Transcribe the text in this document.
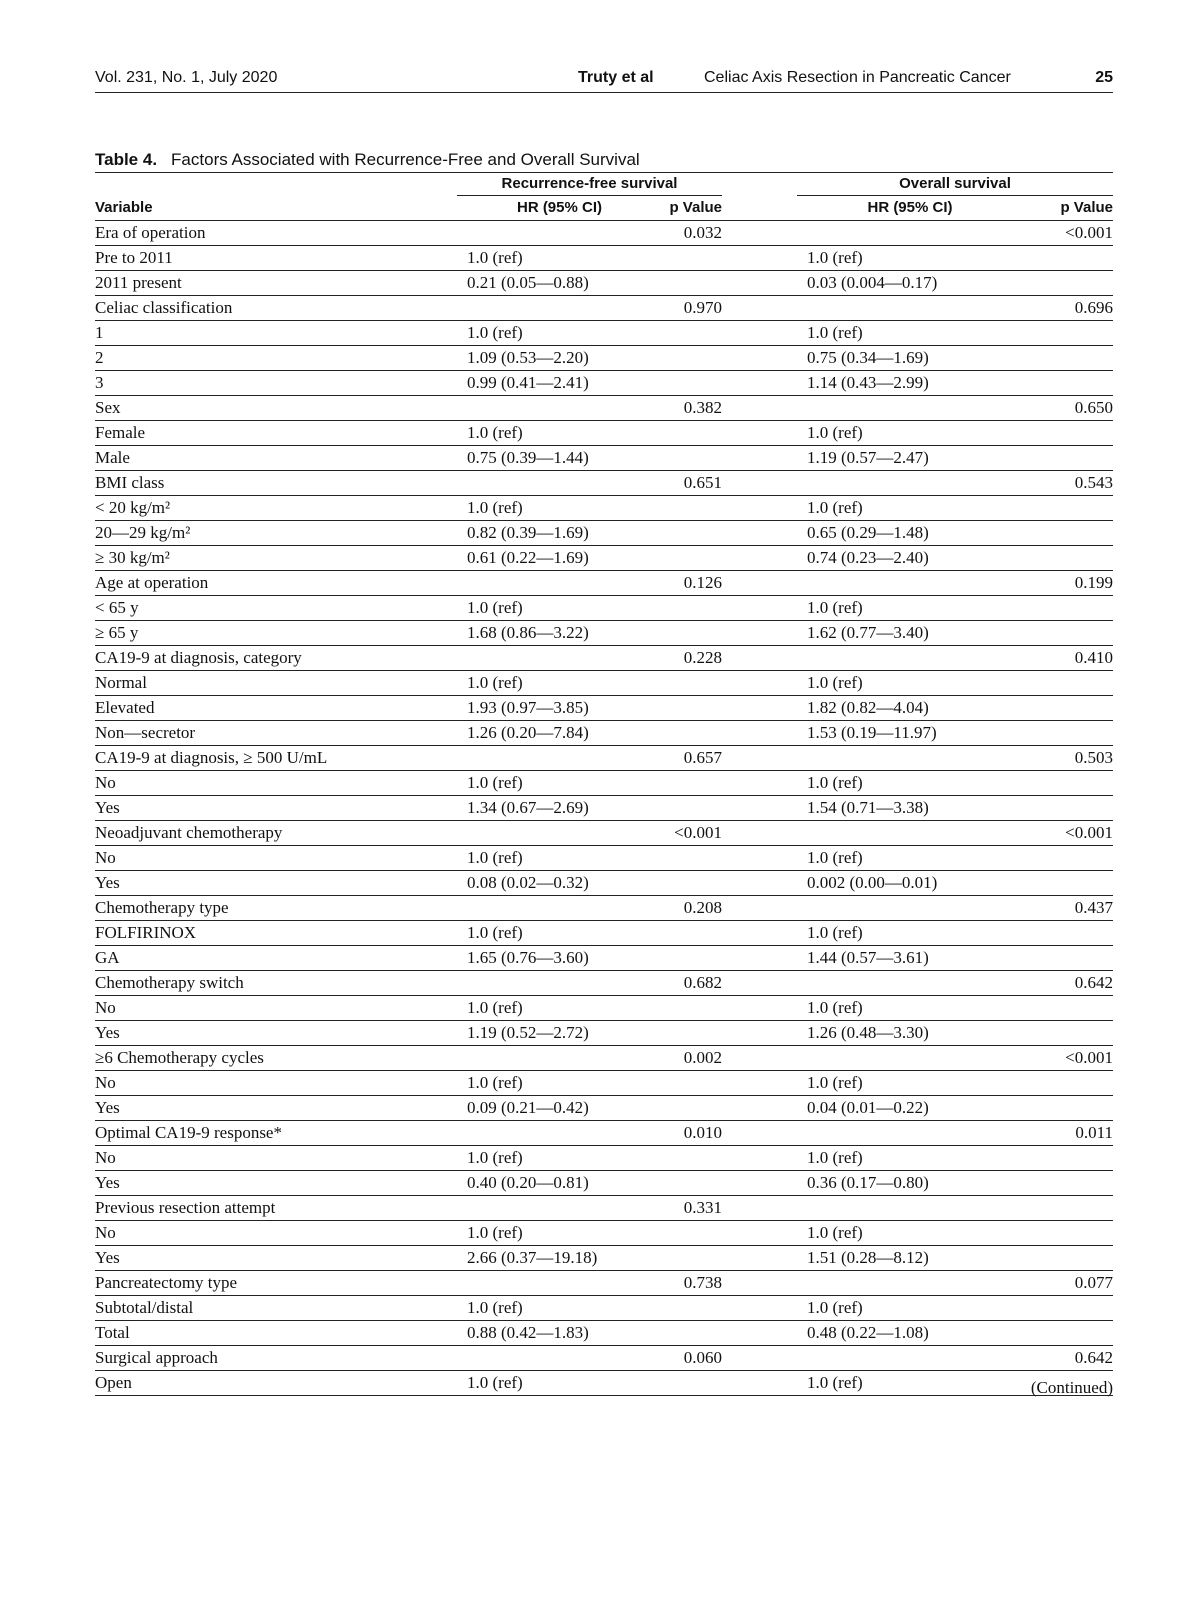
Vol. 231, No. 1, July 2020	Truty et al	Celiac Axis Resection in Pancreatic Cancer	25
Table 4. Factors Associated with Recurrence-Free and Overall Survival
	Recurrence-free survival			Overall survival	
Variable	HR (95% CI)	p Value		HR (95% CI)	p Value
Era of operation		0.032			<0.001
Pre to 2011	1.0 (ref)			1.0 (ref)	
2011 present	0.21 (0.05—0.88)			0.03 (0.004—0.17)	
Celiac classification		0.970			0.696
1	1.0 (ref)			1.0 (ref)	
2	1.09 (0.53—2.20)			0.75 (0.34—1.69)	
3	0.99 (0.41—2.41)			1.14 (0.43—2.99)	
Sex		0.382			0.650
Female	1.0 (ref)			1.0 (ref)	
Male	0.75 (0.39—1.44)			1.19 (0.57—2.47)	
BMI class		0.651			0.543
< 20 kg/m²	1.0 (ref)			1.0 (ref)	
20—29 kg/m²	0.82 (0.39—1.69)			0.65 (0.29—1.48)	
≥ 30 kg/m²	0.61 (0.22—1.69)			0.74 (0.23—2.40)	
Age at operation		0.126			0.199
< 65 y	1.0 (ref)			1.0 (ref)	
≥ 65 y	1.68 (0.86—3.22)			1.62 (0.77—3.40)	
CA19-9 at diagnosis, category		0.228			0.410
Normal	1.0 (ref)			1.0 (ref)	
Elevated	1.93 (0.97—3.85)			1.82 (0.82—4.04)	
Non—secretor	1.26 (0.20—7.84)			1.53 (0.19—11.97)	
CA19-9 at diagnosis, ≥ 500 U/mL		0.657			0.503
No	1.0 (ref)			1.0 (ref)	
Yes	1.34 (0.67—2.69)			1.54 (0.71—3.38)	
Neoadjuvant chemotherapy		<0.001			<0.001
No	1.0 (ref)			1.0 (ref)	
Yes	0.08 (0.02—0.32)			0.002 (0.00—0.01)	
Chemotherapy type		0.208			0.437
FOLFIRINOX	1.0 (ref)			1.0 (ref)	
GA	1.65 (0.76—3.60)			1.44 (0.57—3.61)	
Chemotherapy switch		0.682			0.642
No	1.0 (ref)			1.0 (ref)	
Yes	1.19 (0.52—2.72)			1.26 (0.48—3.30)	
≥6 Chemotherapy cycles		0.002			<0.001
No	1.0 (ref)			1.0 (ref)	
Yes	0.09 (0.21—0.42)			0.04 (0.01—0.22)	
Optimal CA19-9 response*		0.010			0.011
No	1.0 (ref)			1.0 (ref)	
Yes	0.40 (0.20—0.81)			0.36 (0.17—0.80)	
Previous resection attempt		0.331			
No	1.0 (ref)			1.0 (ref)	
Yes	2.66 (0.37—19.18)			1.51 (0.28—8.12)	
Pancreatectomy type		0.738			0.077
Subtotal/distal	1.0 (ref)			1.0 (ref)	
Total	0.88 (0.42—1.83)			0.48 (0.22—1.08)	
Surgical approach		0.060			0.642
Open	1.0 (ref)			1.0 (ref)		(Continued)
